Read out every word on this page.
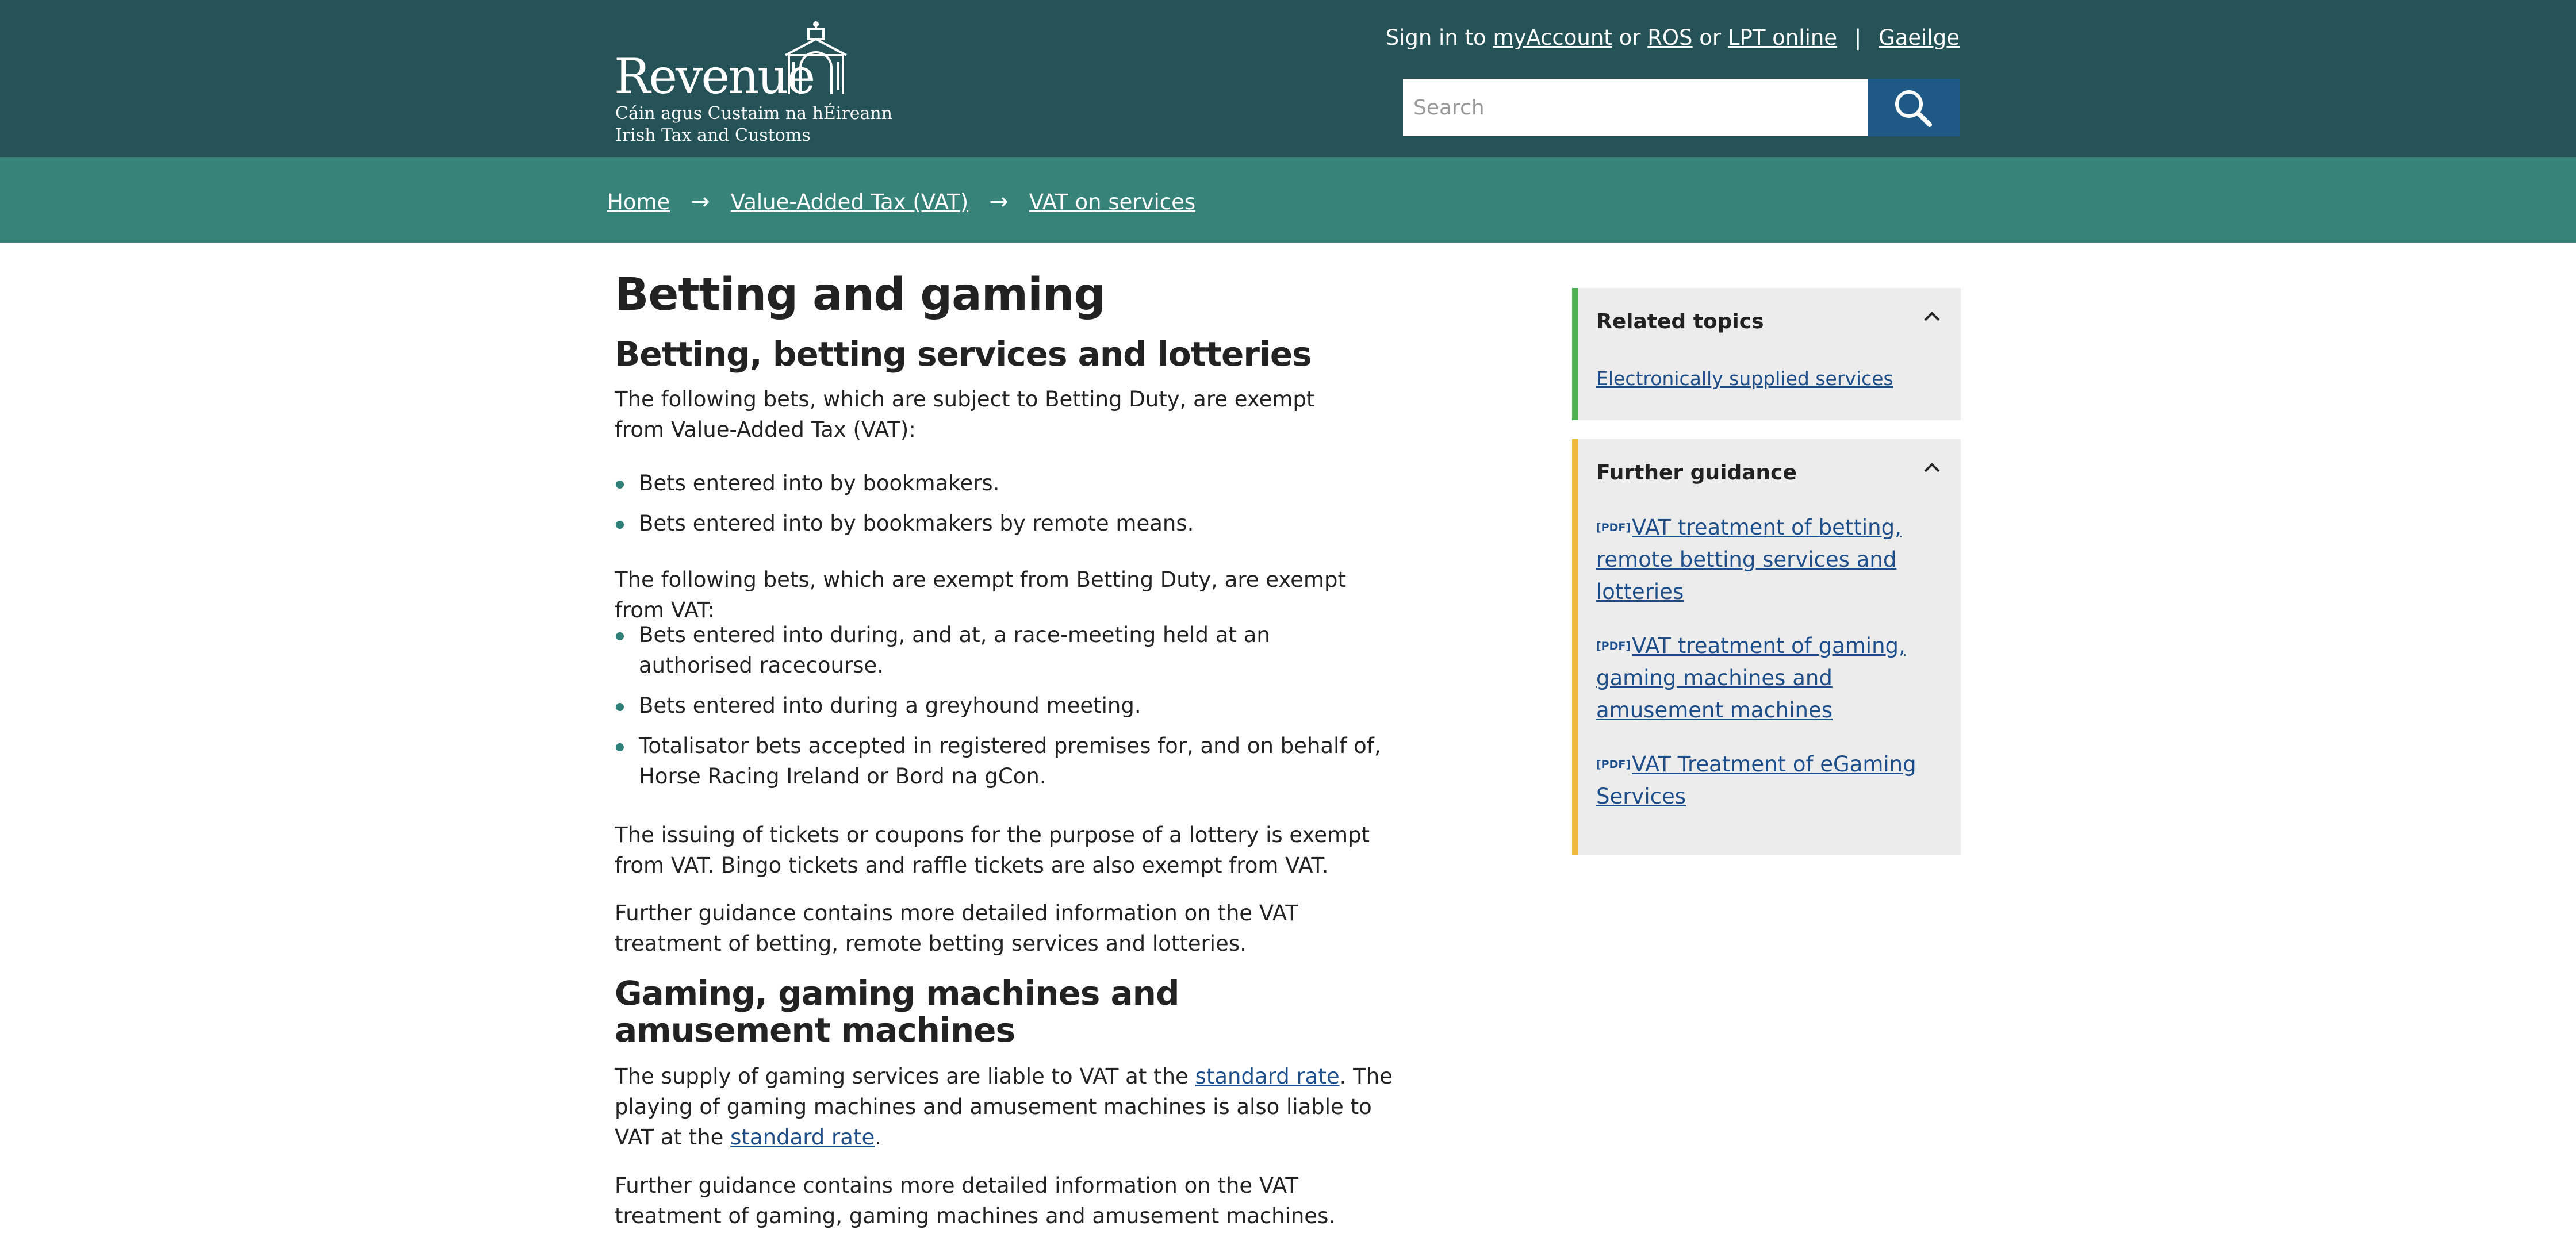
Revenue
Cáin agus Custaim na hÉireann
Irish Tax and Customs
Sign in to myAccount or ROS or LPT online | Gaeilge
Search
Home → Value-Added Tax (VAT) → VAT on services
Betting and gaming
Betting, betting services and lotteries

The following bets, which are subject to Betting Duty, are exempt from Value-Added Tax (VAT):

Bets entered into by bookmakers.
Bets entered into by bookmakers by remote means.

The following bets, which are exempt from Betting Duty, are exempt from VAT:

Bets entered into during, and at, a race-meeting held at an authorised racecourse.
Bets entered into during a greyhound meeting.
Totalisator bets accepted in registered premises for, and on behalf of, Horse Racing Ireland or Bord na gCon.

The issuing of tickets or coupons for the purpose of a lottery is exempt from VAT. Bingo tickets and raffle tickets are also exempt from VAT.

Further guidance contains more detailed information on the VAT treatment of betting, remote betting services and lotteries.

Gaming, gaming machines and amusement machines

The supply of gaming services are liable to VAT at the standard rate. The playing of gaming machines and amusement machines is also liable to VAT at the standard rate.

Further guidance contains more detailed information on the VAT treatment of gaming, gaming machines and amusement machines.

Related topics
Electronically supplied services
Further guidance
[PDF]VAT treatment of betting, remote betting services and lotteries
[PDF]VAT treatment of gaming, gaming machines and amusement machines
[PDF]VAT Treatment of eGaming Services
